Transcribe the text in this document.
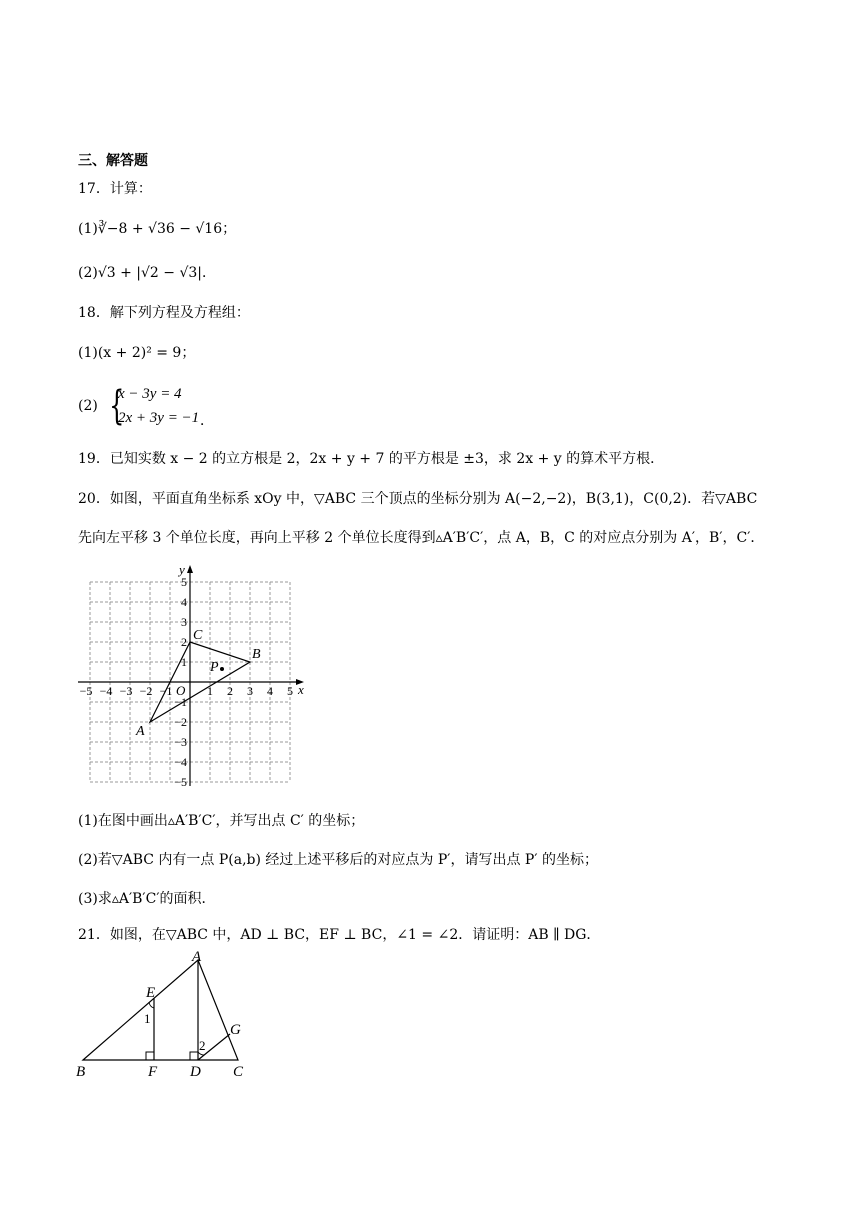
三、解答题
17．计算：
(1)∛−8 + √36 − √16；
(2)√3 + |√2 − √3|．
18．解下列方程及方程组：
(1)(x + 2)² = 9；
(2) {
x − 3y = 4
2x + 3y = −1 ．
19．已知实数 x − 2 的立方根是 2，2x + y + 7 的平方根是 ±3，求 2x + y 的算术平方根．
20．如图，平面直角坐标系 xOy 中，▽ABC 三个顶点的坐标分别为 A(−2,−2)，B(3,1)，C(0,2)．若▽ABC
先向左平移 3 个单位长度，再向上平移 2 个单位长度得到▵A′B′C′，点 A，B，C 的对应点分别为 A′，B′，C′．
x
y
O
−5 −4 −3 −2 −1	1 2 3 4 5
5
4
3
2
1
−1
−2
−3
−4
−5
A
B
C
P
(1)在图中画出▵A′B′C′，并写出点 C′ 的坐标；
(2)若▽ABC 内有一点 P(a,b) 经过上述平移后的对应点为 P′，请写出点 P′ 的坐标；
(3)求▵A′B′C′的面积．
21．如图，在▽ABC 中，AD ⊥ BC，EF ⊥ BC，∠1 = ∠2．请证明：AB ∥ DG．
A
B	C
D
E
F
G
1
2
